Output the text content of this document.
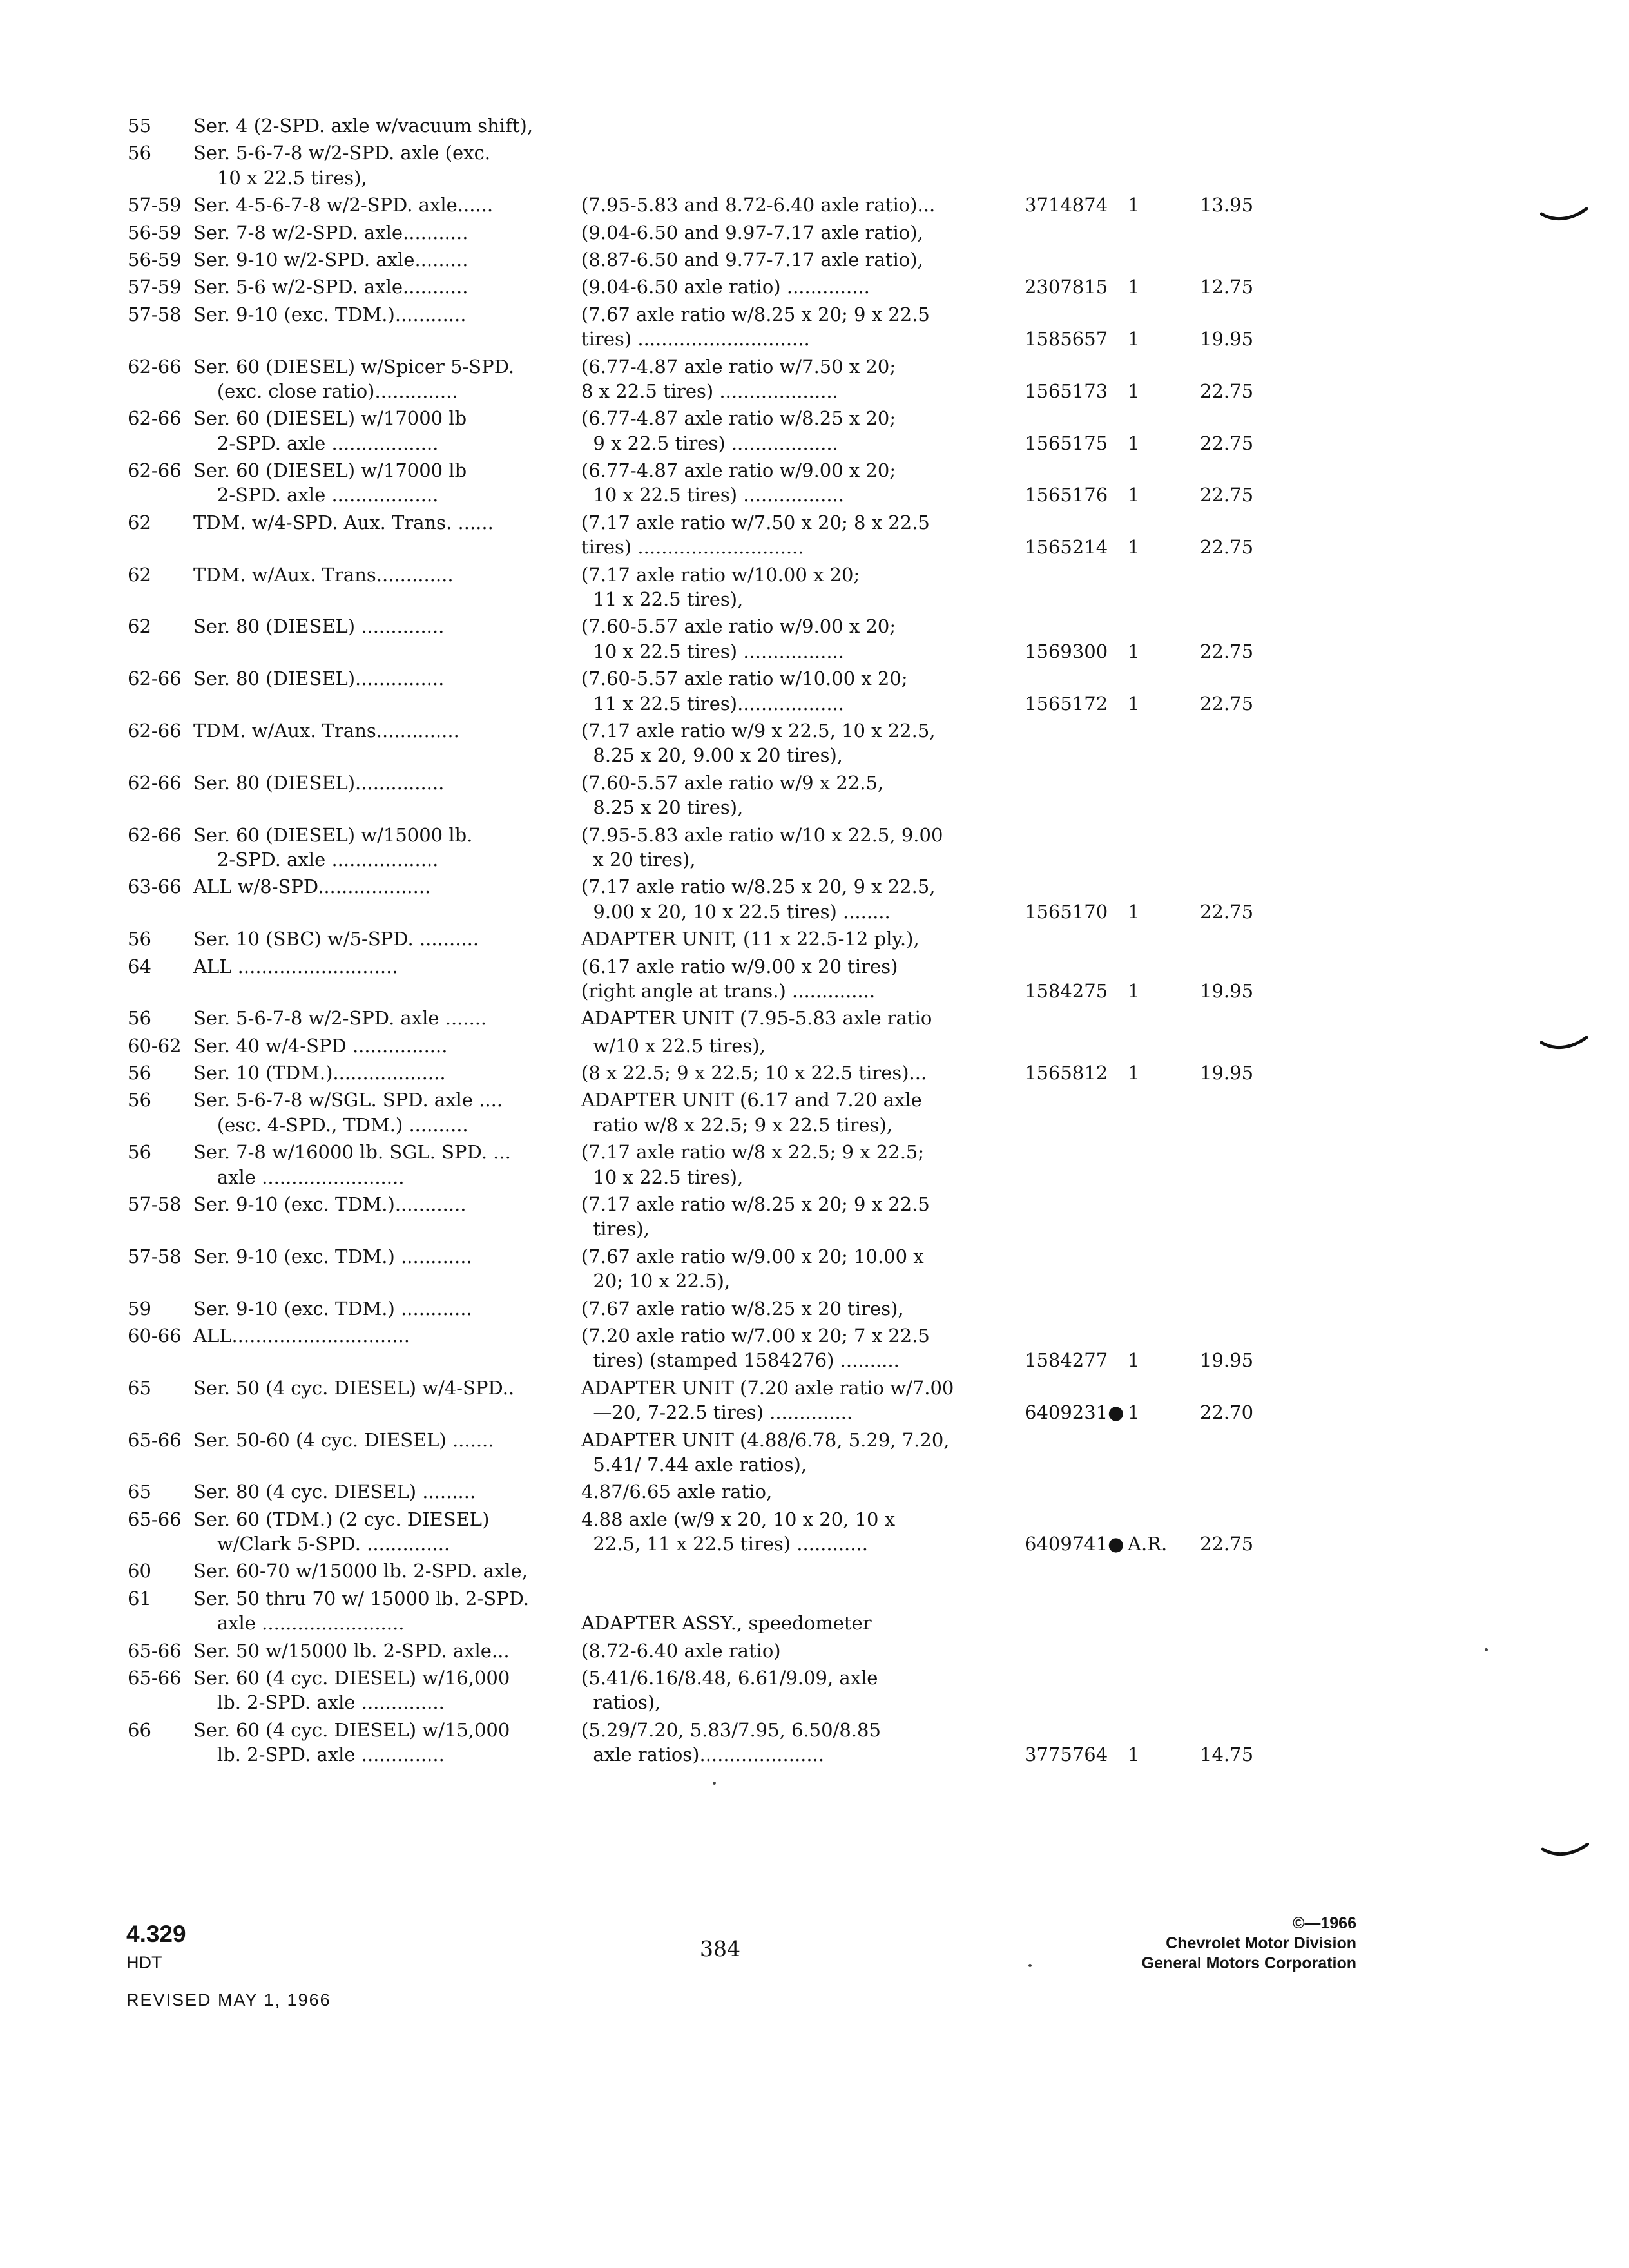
55 Ser. 4 (2-SPD. axle w/vacuum shift),
56 Ser. 5-6-7-8 w/2-SPD. axle (exc.
10 x 22.5 tires),
57-59 Ser. 4-5-6-7-8 w/2-SPD. axle......	(7.95-5.83 and 8.72-6.40 axle ratio)...	3714874 1	13.95
56-59 Ser. 7-8 w/2-SPD. axle...........	(9.04-6.50 and 9.97-7.17 axle ratio),
56-59 Ser. 9-10 w/2-SPD. axle.........	(8.87-6.50 and 9.77-7.17 axle ratio),
57-59 Ser. 5-6 w/2-SPD. axle...........	(9.04-6.50 axle ratio) ..............	2307815 1	12.75
57-58 Ser. 9-10 (exc. TDM.)............	(7.67 axle ratio w/8.25 x 20; 9 x 22.5
tires) .............................	1585657 1	19.95
62-66 Ser. 60 (DIESEL) w/Spicer 5-SPD.	(6.77-4.87 axle ratio w/7.50 x 20;
(exc. close ratio)..............	8 x 22.5 tires) ....................	1565173 1	22.75
62-66 Ser. 60 (DIESEL) w/17000 lb	(6.77-4.87 axle ratio w/8.25 x 20;
2-SPD. axle ..................	9 x 22.5 tires) ..................	1565175 1	22.75
62-66 Ser. 60 (DIESEL) w/17000 lb	(6.77-4.87 axle ratio w/9.00 x 20;
2-SPD. axle ..................	10 x 22.5 tires) .................	1565176 1	22.75
62 TDM. w/4-SPD. Aux. Trans. ......	(7.17 axle ratio w/7.50 x 20; 8 x 22.5
tires) ............................	1565214 1	22.75
62 TDM. w/Aux. Trans.............	(7.17 axle ratio w/10.00 x 20;
11 x 22.5 tires),
62 Ser. 80 (DIESEL) ..............	(7.60-5.57 axle ratio w/9.00 x 20;
10 x 22.5 tires) .................	1569300 1	22.75
62-66 Ser. 80 (DIESEL)...............	(7.60-5.57 axle ratio w/10.00 x 20;
11 x 22.5 tires)..................	1565172 1	22.75
62-66 TDM. w/Aux. Trans..............	(7.17 axle ratio w/9 x 22.5, 10 x 22.5,
8.25 x 20, 9.00 x 20 tires),
62-66 Ser. 80 (DIESEL)...............	(7.60-5.57 axle ratio w/9 x 22.5,
8.25 x 20 tires),
62-66 Ser. 60 (DIESEL) w/15000 lb.	(7.95-5.83 axle ratio w/10 x 22.5, 9.00
2-SPD. axle ..................	x 20 tires),
63-66 ALL w/8-SPD...................	(7.17 axle ratio w/8.25 x 20, 9 x 22.5,
9.00 x 20, 10 x 22.5 tires) ........	1565170 1	22.75
56 Ser. 10 (SBC) w/5-SPD. ..........	ADAPTER UNIT, (11 x 22.5-12 ply.),
64 ALL ...........................	(6.17 axle ratio w/9.00 x 20 tires)
(right angle at trans.) ..............	1584275 1	19.95
56 Ser. 5-6-7-8 w/2-SPD. axle .......	ADAPTER UNIT (7.95-5.83 axle ratio
60-62 Ser. 40 w/4-SPD ................	w/10 x 22.5 tires),
56 Ser. 10 (TDM.)...................	(8 x 22.5; 9 x 22.5; 10 x 22.5 tires)...	1565812 1	19.95
56 Ser. 5-6-7-8 w/SGL. SPD. axle ....	ADAPTER UNIT (6.17 and 7.20 axle
(esc. 4-SPD., TDM.) ..........	ratio w/8 x 22.5; 9 x 22.5 tires),
56 Ser. 7-8 w/16000 lb. SGL. SPD. ...	(7.17 axle ratio w/8 x 22.5; 9 x 22.5;
axle ........................	10 x 22.5 tires),
57-58 Ser. 9-10 (exc. TDM.)............	(7.17 axle ratio w/8.25 x 20; 9 x 22.5
tires),
57-58 Ser. 9-10 (exc. TDM.) ............	(7.67 axle ratio w/9.00 x 20; 10.00 x
20; 10 x 22.5),
59 Ser. 9-10 (exc. TDM.) ............	(7.67 axle ratio w/8.25 x 20 tires),
60-66 ALL..............................	(7.20 axle ratio w/7.00 x 20; 7 x 22.5
tires) (stamped 1584276) ..........	1584277 1	19.95
65 Ser. 50 (4 cyc. DIESEL) w/4-SPD..	ADAPTER UNIT (7.20 axle ratio w/7.00
—20, 7-22.5 tires) ..............	6409231● 1	22.70
65-66 Ser. 50-60 (4 cyc. DIESEL) .......	ADAPTER UNIT (4.88/6.78, 5.29, 7.20,
5.41/ 7.44 axle ratios),
65 Ser. 80 (4 cyc. DIESEL) .........	4.87/6.65 axle ratio,
65-66 Ser. 60 (TDM.) (2 cyc. DIESEL)	4.88 axle (w/9 x 20, 10 x 20, 10 x
w/Clark 5-SPD. ..............	22.5, 11 x 22.5 tires) ............	6409741● A.R. 22.75
60 Ser. 60-70 w/15000 lb. 2-SPD. axle,
61 Ser. 50 thru 70 w/ 15000 lb. 2-SPD.
axle ........................	ADAPTER ASSY., speedometer
65-66 Ser. 50 w/15000 lb. 2-SPD. axle...	(8.72-6.40 axle ratio)
65-66 Ser. 60 (4 cyc. DIESEL) w/16,000	(5.41/6.16/8.48, 6.61/9.09, axle
lb. 2-SPD. axle ..............	ratios),
66 Ser. 60 (4 cyc. DIESEL) w/15,000	(5.29/7.20, 5.83/7.95, 6.50/8.85
lb. 2-SPD. axle ..............	axle ratios).....................	3775764 1	14.75
4.329
HDT
REVISED MAY 1, 1966
384
©—1966
Chevrolet Motor Division
General Motors Corporation
